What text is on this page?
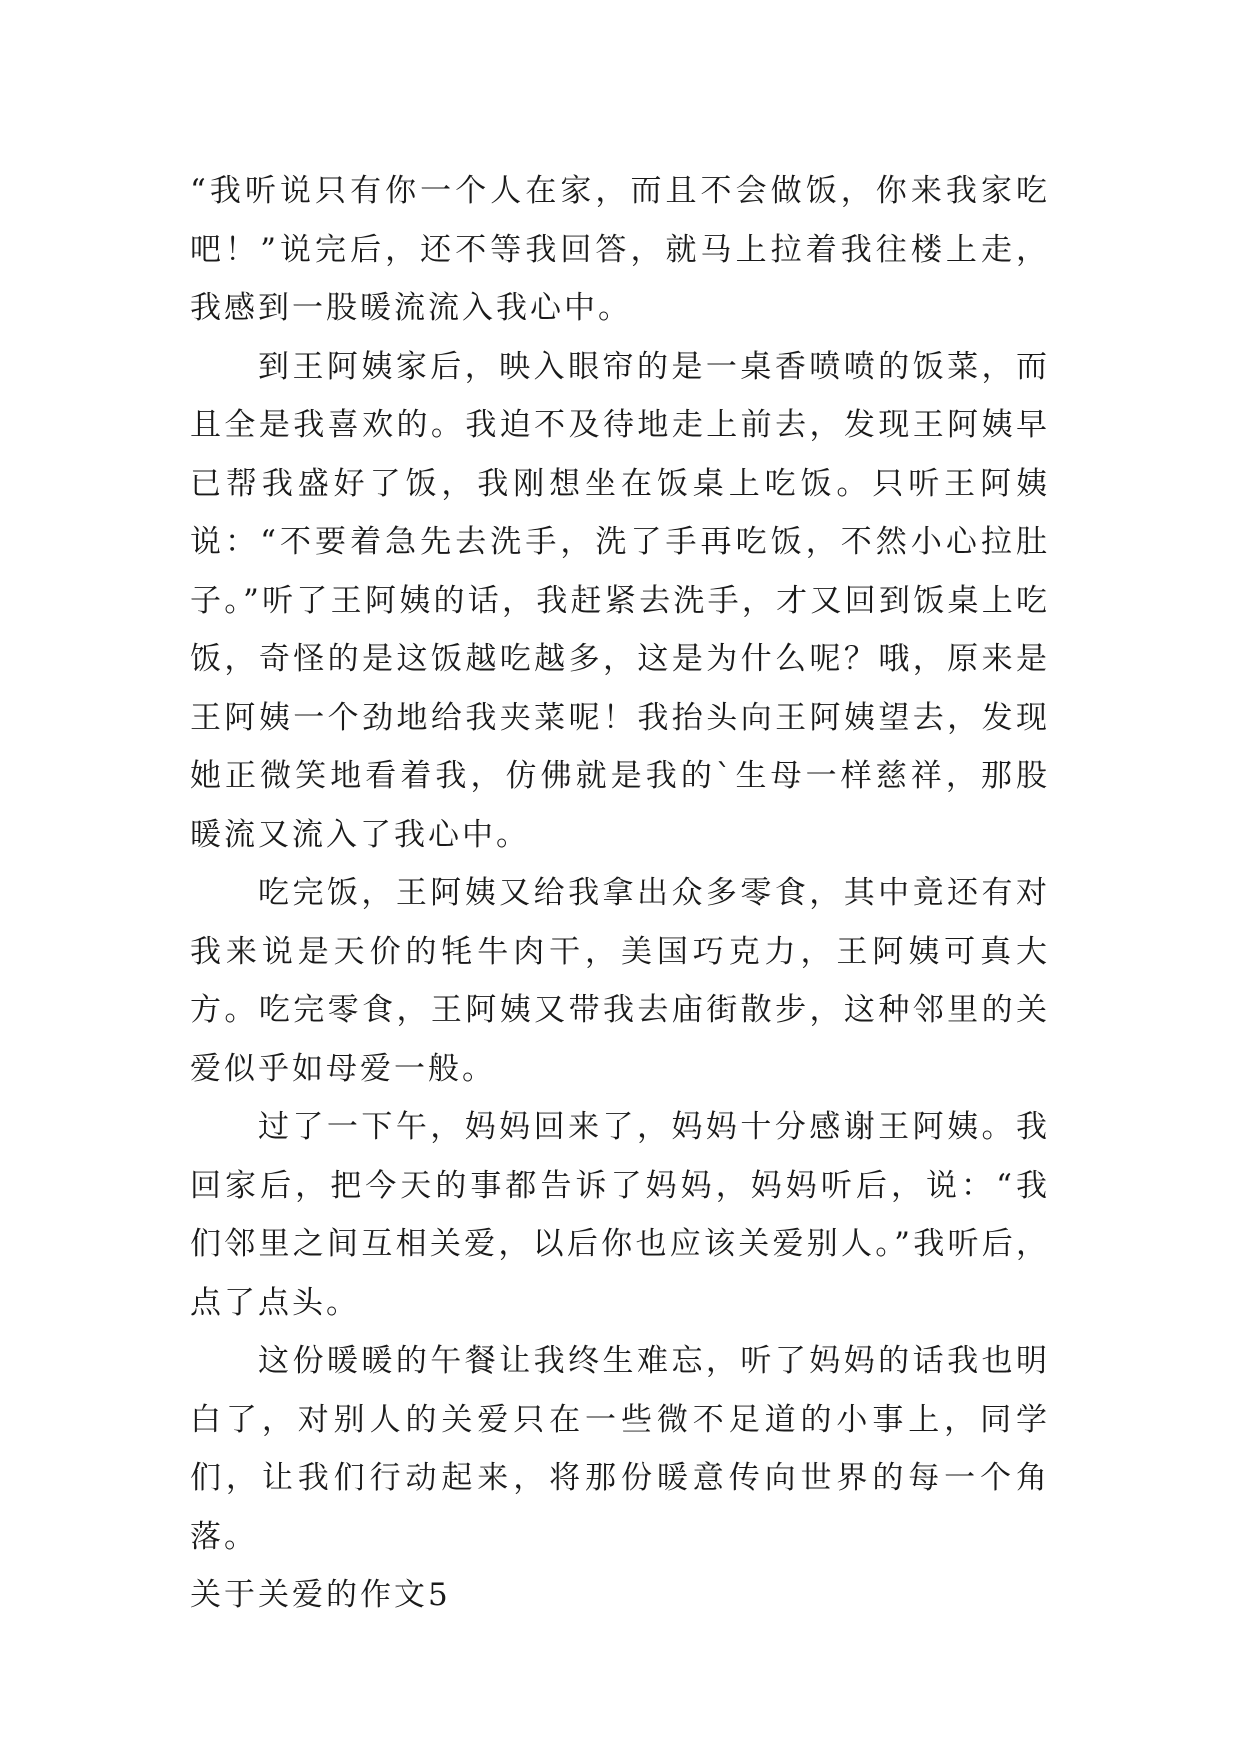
“我听说只有你一个人在家，而且不会做饭，你来我家吃吧！”说完后，还不等我回答，就马上拉着我往楼上走，我感到一股暖流流入我心中。

到王阿姨家后，映入眼帘的是一桌香喷喷的饭菜，而且全是我喜欢的。我迫不及待地走上前去，发现王阿姨早已帮我盛好了饭，我刚想坐在饭桌上吃饭。只听王阿姨说：“不要着急先去洗手，洗了手再吃饭，不然小心拉肚子。”听了王阿姨的话，我赶紧去洗手，才又回到饭桌上吃饭，奇怪的是这饭越吃越多，这是为什么呢？哦，原来是王阿姨一个劲地给我夹菜呢！我抬头向王阿姨望去，发现她正微笑地看着我，仿佛就是我的`生母一样慈祥，那股暖流又流入了我心中。

吃完饭，王阿姨又给我拿出众多零食，其中竟还有对我来说是天价的牦牛肉干，美国巧克力，王阿姨可真大方。吃完零食，王阿姨又带我去庙街散步，这种邻里的关爱似乎如母爱一般。

过了一下午，妈妈回来了，妈妈十分感谢王阿姨。我回家后，把今天的事都告诉了妈妈，妈妈听后，说：“我们邻里之间互相关爱，以后你也应该关爱别人。”我听后，点了点头。

这份暖暖的午餐让我终生难忘，听了妈妈的话我也明白了，对别人的关爱只在一些微不足道的小事上，同学们，让我们行动起来，将那份暖意传向世界的每一个角落。

关于关爱的作文5
